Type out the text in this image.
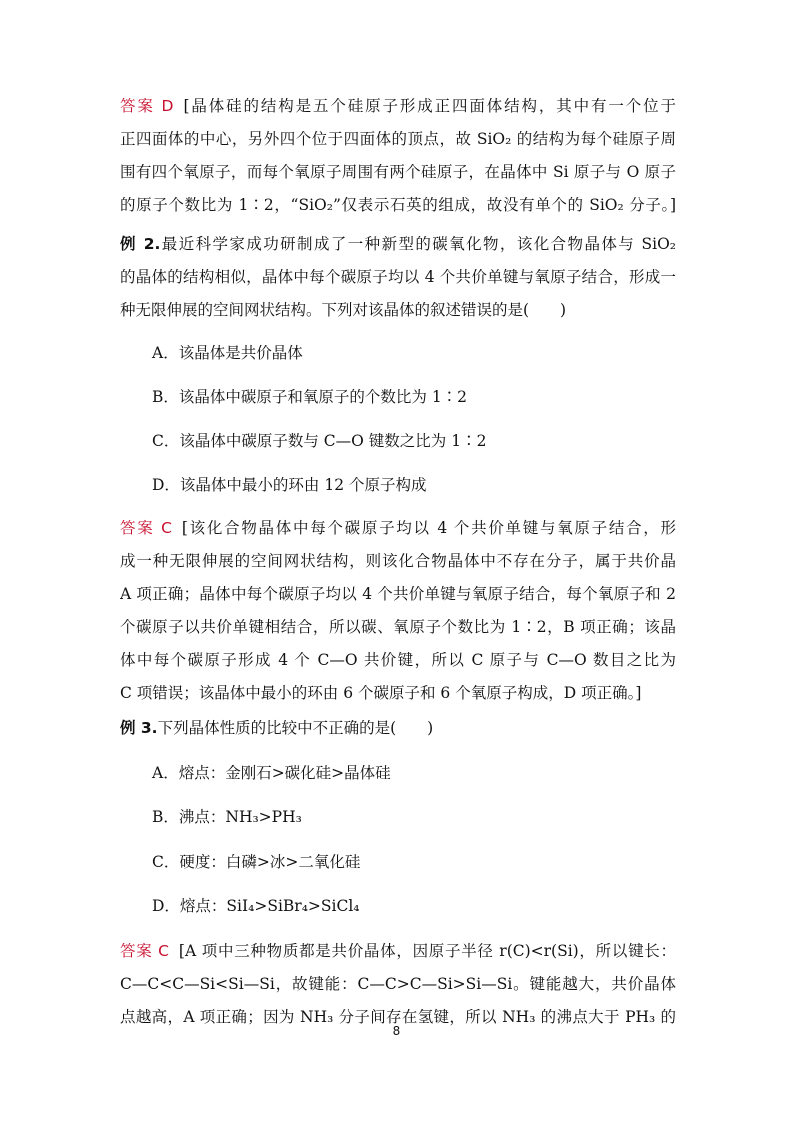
答案 D [晶体硅的结构是五个硅原子形成正四面体结构，其中有一个位于
正四面体的中心，另外四个位于四面体的顶点，故 SiO₂ 的结构为每个硅原子周
围有四个氧原子，而每个氧原子周围有两个硅原子，在晶体中 Si 原子与 O 原子
的原子个数比为 1∶2，“SiO₂”仅表示石英的组成，故没有单个的 SiO₂ 分子。]
例 2.最近科学家成功研制成了一种新型的碳氧化物，该化合物晶体与 SiO₂
的晶体的结构相似，晶体中每个碳原子均以 4 个共价单键与氧原子结合，形成一
种无限伸展的空间网状结构。下列对该晶体的叙述错误的是(　　)
A．该晶体是共价晶体
B．该晶体中碳原子和氧原子的个数比为 1∶2
C．该晶体中碳原子数与 C—O 键数之比为 1∶2
D．该晶体中最小的环由 12 个原子构成
答案 C [该化合物晶体中每个碳原子均以 4 个共价单键与氧原子结合，形
成一种无限伸展的空间网状结构，则该化合物晶体中不存在分子，属于共价晶
A 项正确；晶体中每个碳原子均以 4 个共价单键与氧原子结合，每个氧原子和 2
个碳原子以共价单键相结合，所以碳、氧原子个数比为 1∶2，B 项正确；该晶
体中每个碳原子形成 4 个 C—O 共价键，所以 C 原子与 C—O 数目之比为
C 项错误；该晶体中最小的环由 6 个碳原子和 6 个氧原子构成，D 项正确。]
例 3.下列晶体性质的比较中不正确的是(　　)
A．熔点：金刚石>碳化硅>晶体硅
B．沸点：NH₃>PH₃
C．硬度：白磷>冰>二氧化硅
D．熔点：SiI₄>SiBr₄>SiCl₄
答案 C [A 项中三种物质都是共价晶体，因原子半径 r(C)<r(Si)，所以键长：
C—C<C—Si<Si—Si，故键能：C—C>C—Si>Si—Si。键能越大，共价晶体
点越高，A 项正确；因为 NH₃ 分子间存在氢键，所以 NH₃ 的沸点大于 PH₃ 的
8
